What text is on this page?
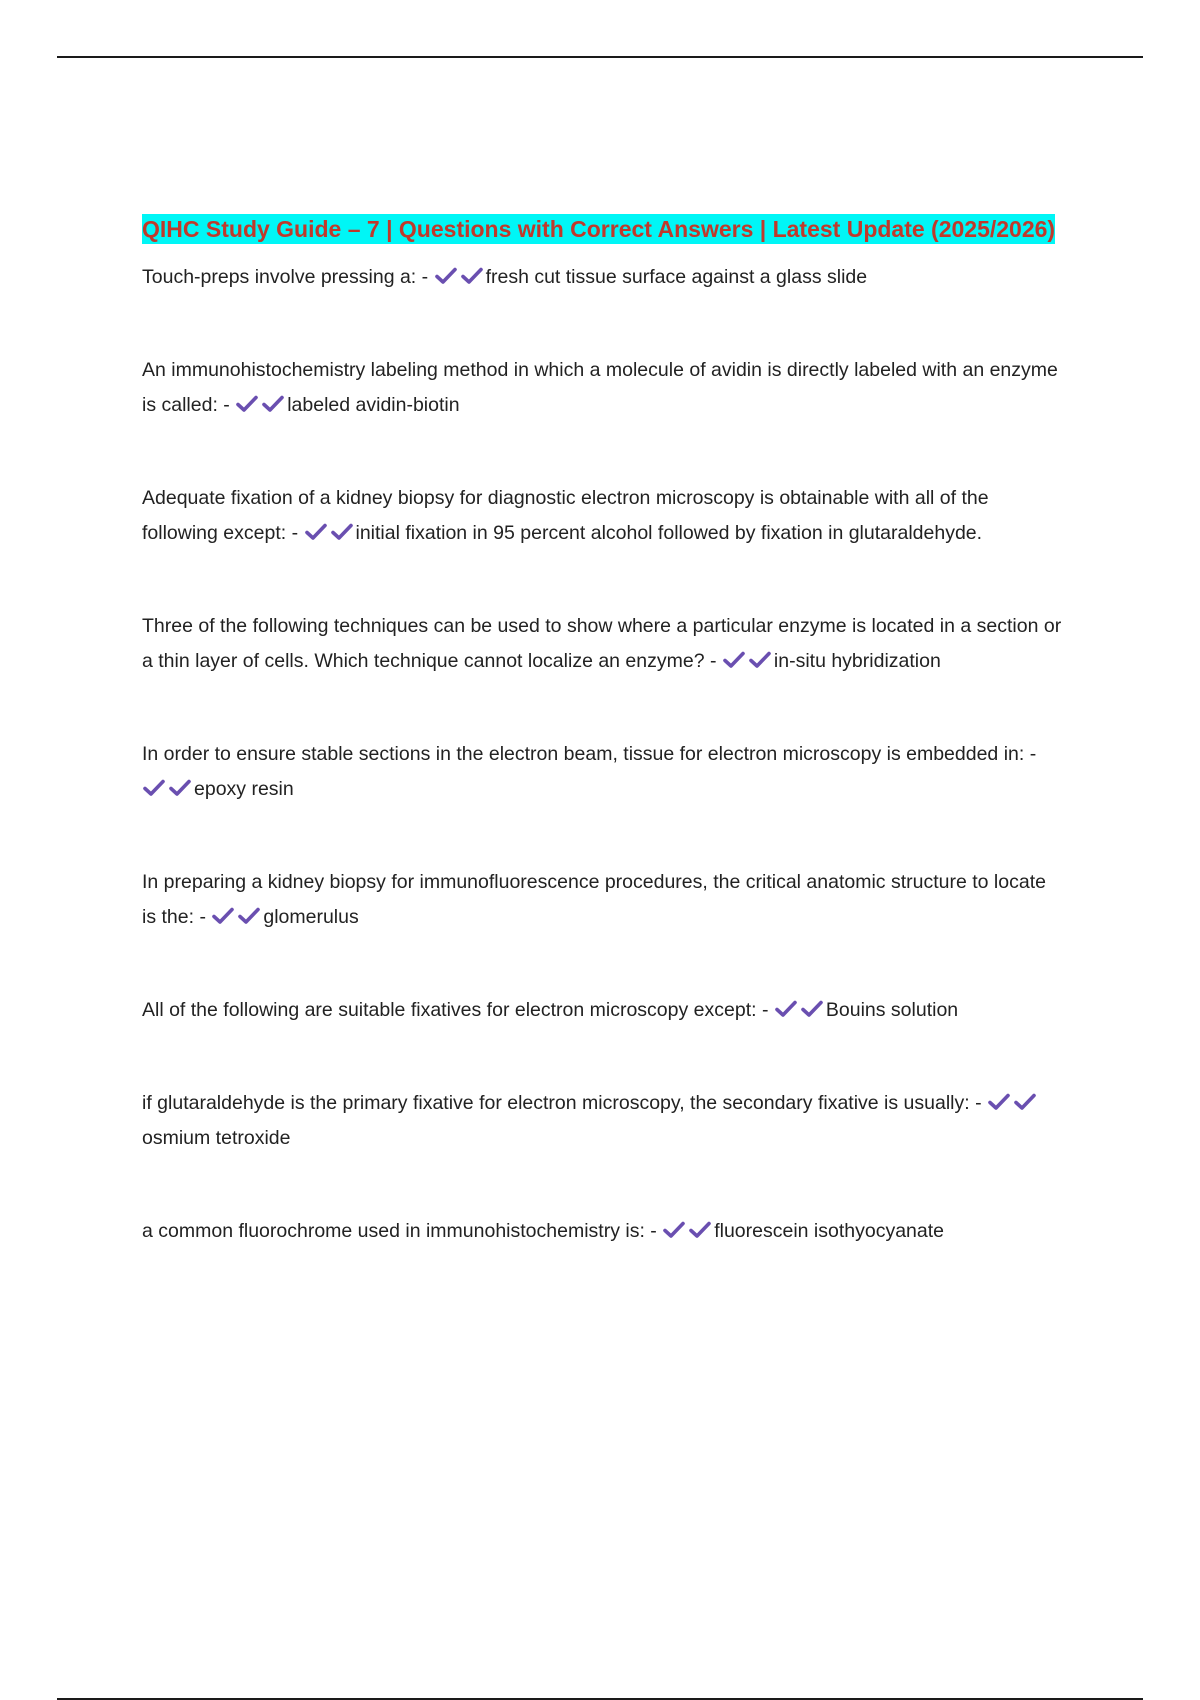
QIHC Study Guide – 7 | Questions with Correct Answers | Latest Update (2025/2026)

Touch-preps involve pressing a: -	fresh cut tissue surface against a glass slide

An immunohistochemistry labeling method in which a molecule of avidin is directly labeled with an enzyme is called: -	labeled avidin-biotin

Adequate fixation of a kidney biopsy for diagnostic electron microscopy is obtainable with all of the following except: -	initial fixation in 95 percent alcohol followed by fixation in glutaraldehyde.

Three of the following techniques can be used to show where a particular enzyme is located in a section or a thin layer of cells. Which technique cannot localize an enzyme? -	in-situ hybridization

In order to ensure stable sections in the electron beam, tissue for electron microscopy is embedded in: - epoxy resin

In preparing a kidney biopsy for immunofluorescence procedures, the critical anatomic structure to locate is the: -	glomerulus

All of the following are suitable fixatives for electron microscopy except: -	Bouins solution

if glutaraldehyde is the primary fixative for electron microscopy, the secondary fixative is usually: - osmium tetroxide

a common fluorochrome used in immunohistochemistry is: -	fluorescein isothyocyanate
